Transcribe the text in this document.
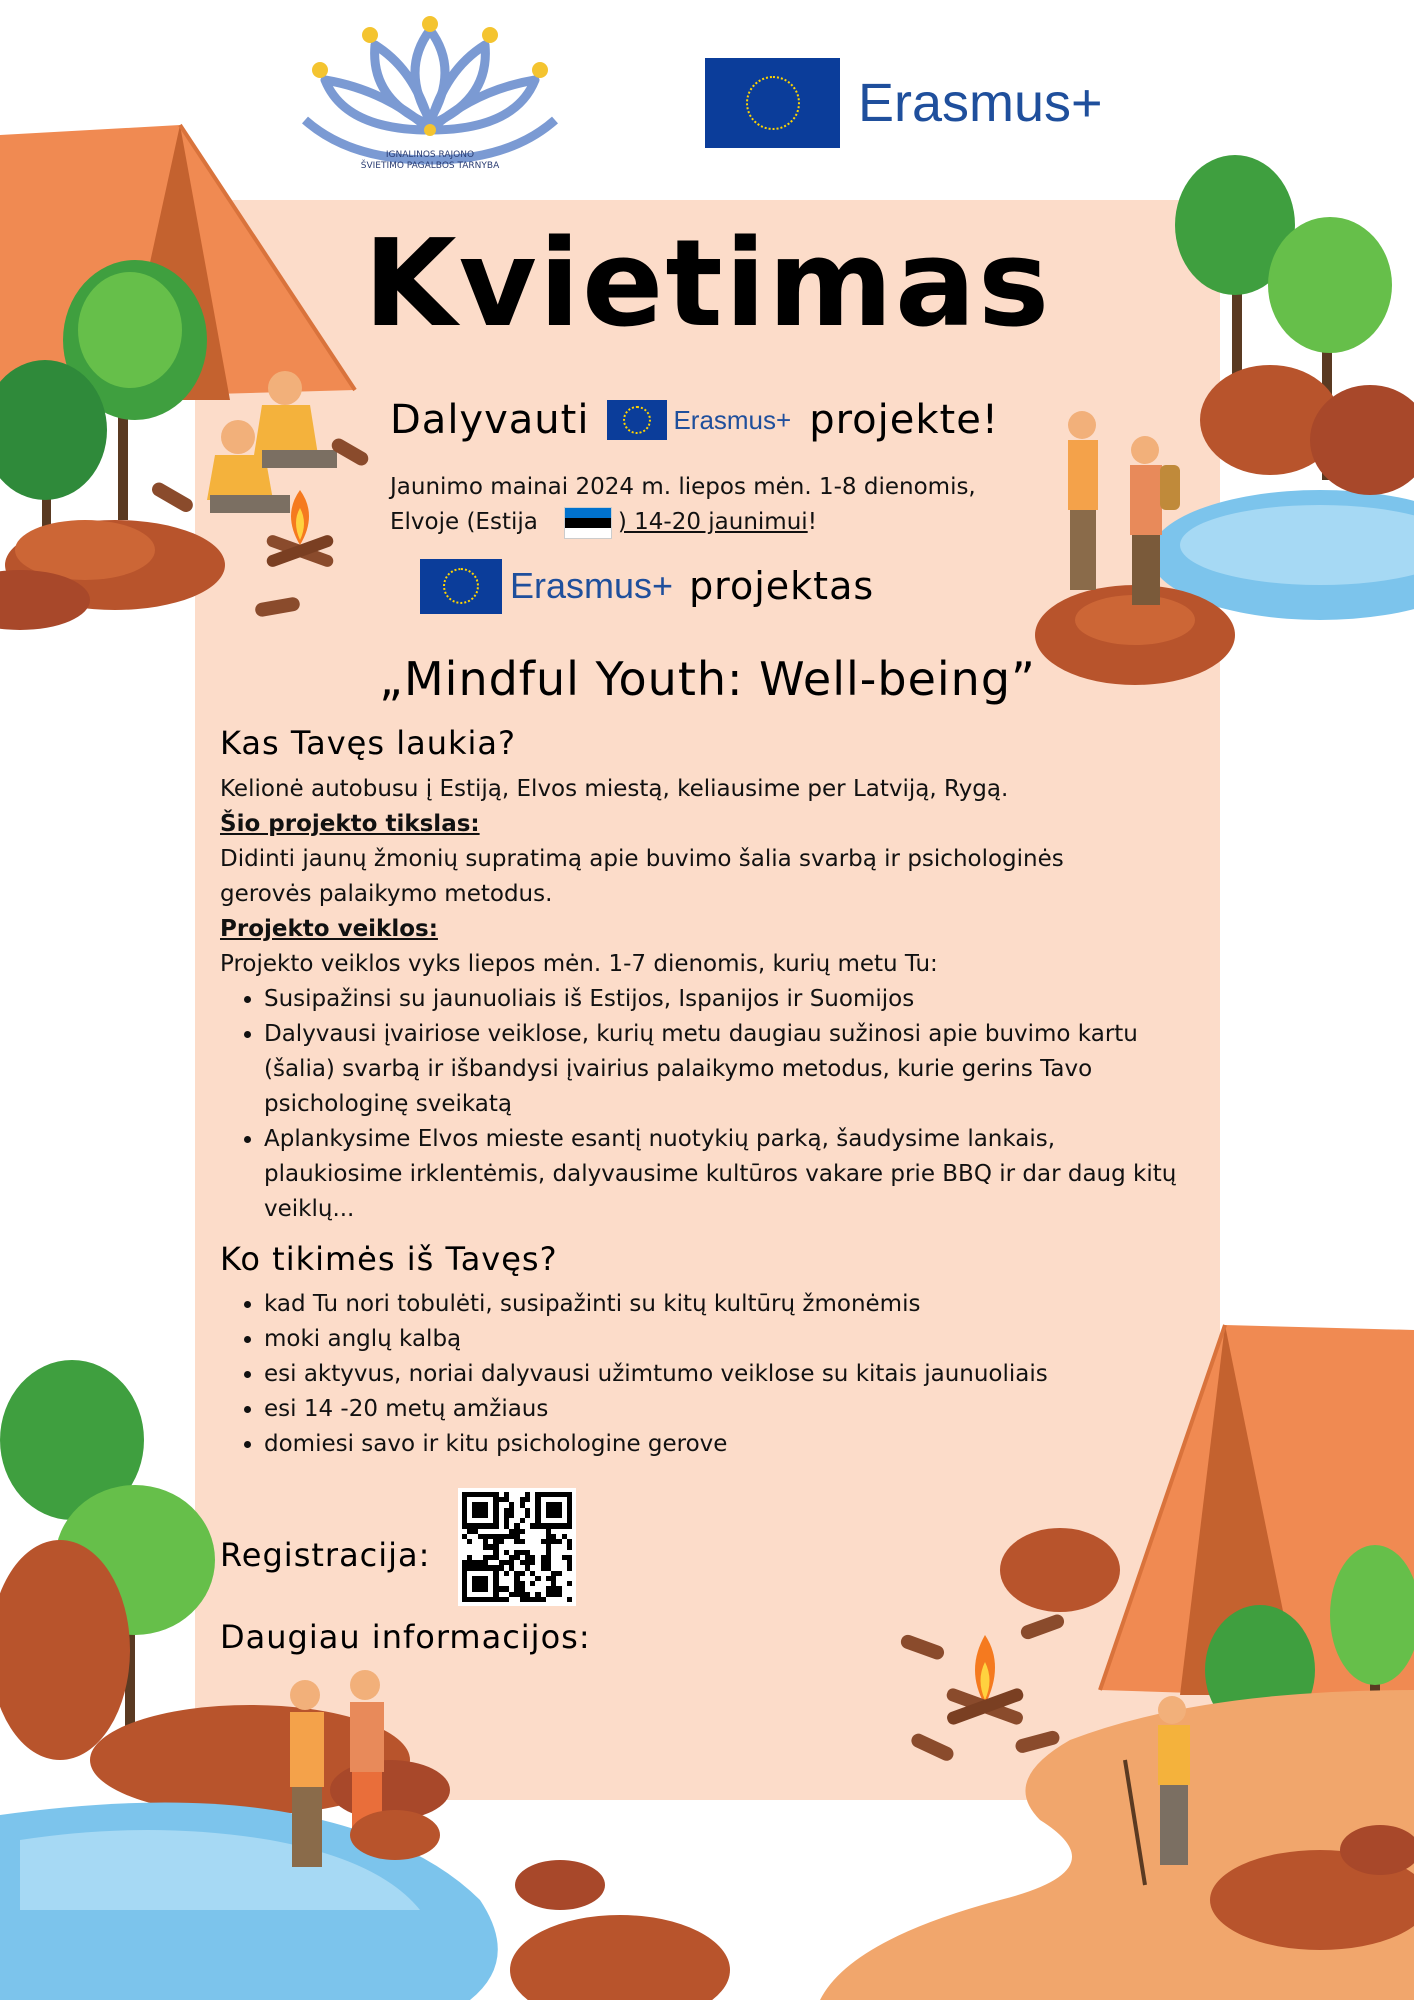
IGNALINOS RAJONO
ŠVIETIMO PAGALBOS TARNYBA
Erasmus+
Kvietimas
Dalyvauti	Erasmus+ projekte!
Jaunimo mainai 2024 m. liepos mėn. 1-8 dienomis,
Elvoje (Estija	) 14-20 jaunimui !
Erasmus+ projektas
„Mindful Youth: Well-being”
Kas Tavęs laukia?
Kelionė autobusu į Estiją, Elvos miestą, keliausime per Latviją, Rygą.
Šio projekto tikslas:
Didinti jaunų žmonių supratimą apie buvimo šalia svarbą ir psichologinės
gerovės palaikymo metodus.
Projekto veiklos:
Projekto veiklos vyks liepos mėn. 1-7 dienomis, kurių metu Tu:
• Susipažinsi su jaunuoliais iš Estijos, Ispanijos ir Suomijos
• Dalyvausi įvairiose veiklose, kurių metu daugiau sužinosi apie buvimo kartu (šalia) svarbą ir išbandysi įvairius palaikymo metodus, kurie gerins Tavo psichologinę sveikatą
• Aplankysime Elvos mieste esantį nuotykių parką, šaudysime lankais, plaukiosime irklentėmis, dalyvausime kultūros vakare prie BBQ ir dar daug kitų veiklų...
Ko tikimės iš Tavęs?
• kad Tu nori tobulėti, susipažinti su kitų kultūrų žmonėmis
• moki anglų kalbą
• esi aktyvus, noriai dalyvausi užimtumo veiklose su kitais jaunuoliais
• esi 14 -20 metų amžiaus
• domiesi savo ir kitu psichologine gerove
Registracija:
Daugiau informacijos:
